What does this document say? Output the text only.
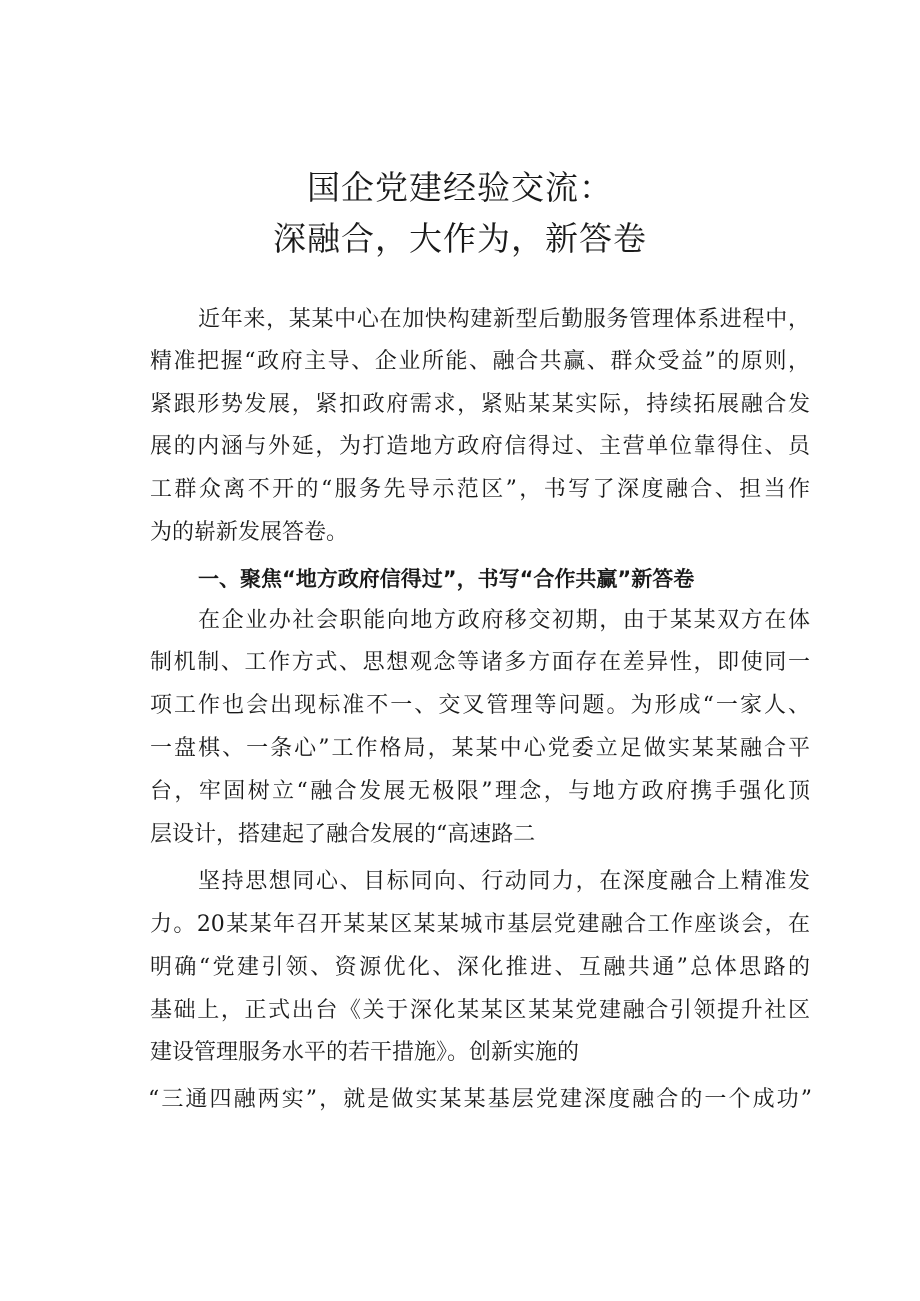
国企党建经验交流：
深融合，大作为，新答卷
近年来，某某中心在加快构建新型后勤服务管理体系进程中，
精准把握“政府主导、企业所能、融合共赢、群众受益”的原则，
紧跟形势发展，紧扣政府需求，紧贴某某实际，持续拓展融合发
展的内涵与外延，为打造地方政府信得过、主营单位靠得住、员
工群众离不开的“服务先导示范区”，书写了深度融合、担当作
为的崭新发展答卷。
一、聚焦“地方政府信得过”，书写“合作共赢”新答卷
在企业办社会职能向地方政府移交初期，由于某某双方在体
制机制、工作方式、思想观念等诸多方面存在差异性，即使同一
项工作也会出现标准不一、交叉管理等问题。为形成“一家人、
一盘棋、一条心”工作格局，某某中心党委立足做实某某融合平
台，牢固树立“融合发展无极限”理念，与地方政府携手强化顶
层设计，搭建起了融合发展的“高速路二
坚持思想同心、目标同向、行动同力，在深度融合上精准发
力。20某某年召开某某区某某城市基层党建融合工作座谈会，在
明确“党建引领、资源优化、深化推进、互融共通”总体思路的
基础上，正式出台《关于深化某某区某某党建融合引领提升社区
建设管理服务水平的若干措施》。创新实施的
“三通四融两实”，就是做实某某基层党建深度融合的一个成功”
